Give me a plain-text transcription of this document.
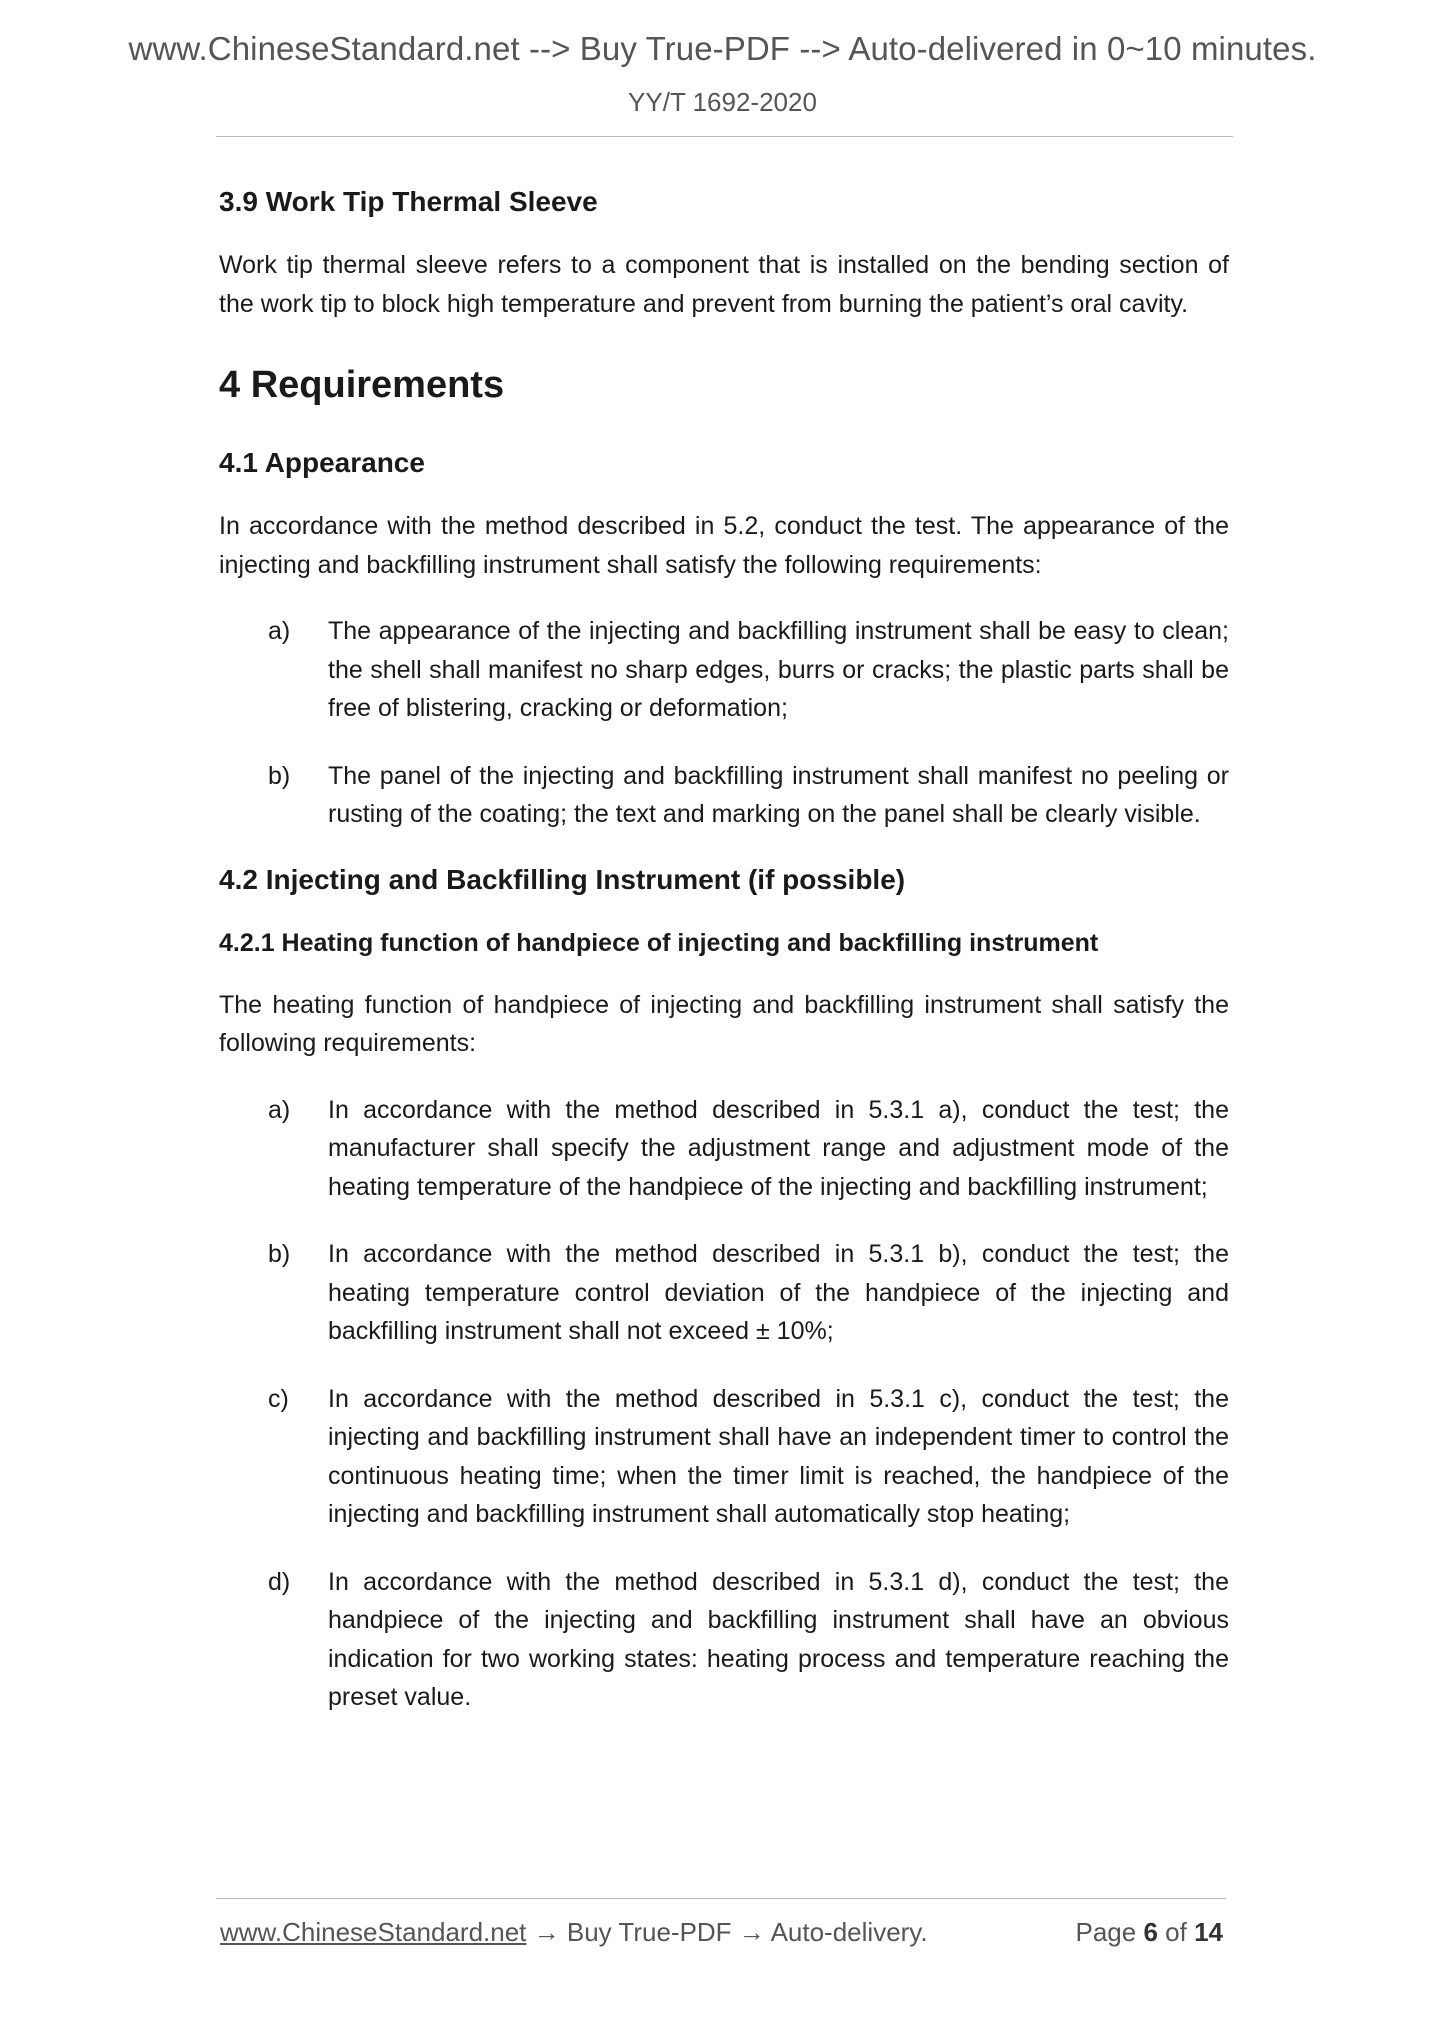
www.ChineseStandard.net --> Buy True-PDF --> Auto-delivered in 0~10 minutes.
YY/T 1692-2020
3.9 Work Tip Thermal Sleeve

Work tip thermal sleeve refers to a component that is installed on the bending section of the work tip to block high temperature and prevent from burning the patient’s oral cavity.

4 Requirements
4.1 Appearance

In accordance with the method described in 5.2, conduct the test. The appearance of the injecting and backfilling instrument shall satisfy the following requirements:

a)	The appearance of the injecting and backfilling instrument shall be easy to clean; the shell shall manifest no sharp edges, burrs or cracks; the plastic parts shall be free of blistering, cracking or deformation;
b)	The panel of the injecting and backfilling instrument shall manifest no peeling or rusting of the coating; the text and marking on the panel shall be clearly visible.
4.2 Injecting and Backfilling Instrument (if possible)
4.2.1 Heating function of handpiece of injecting and backfilling instrument

The heating function of handpiece of injecting and backfilling instrument shall satisfy the following requirements:

a)	In accordance with the method described in 5.3.1 a), conduct the test; the manufacturer shall specify the adjustment range and adjustment mode of the heating temperature of the handpiece of the injecting and backfilling instrument;
b)	In accordance with the method described in 5.3.1 b), conduct the test; the heating temperature control deviation of the handpiece of the injecting and backfilling instrument shall not exceed ± 10%;
c)	In accordance with the method described in 5.3.1 c), conduct the test; the injecting and backfilling instrument shall have an independent timer to control the continuous heating time; when the timer limit is reached, the handpiece of the injecting and backfilling instrument shall automatically stop heating;
d)	In accordance with the method described in 5.3.1 d), conduct the test; the handpiece of the injecting and backfilling instrument shall have an obvious indication for two working states: heating process and temperature reaching the preset value.
www.ChineseStandard.net → Buy True-PDF → Auto-delivery.	Page 6 of 14
